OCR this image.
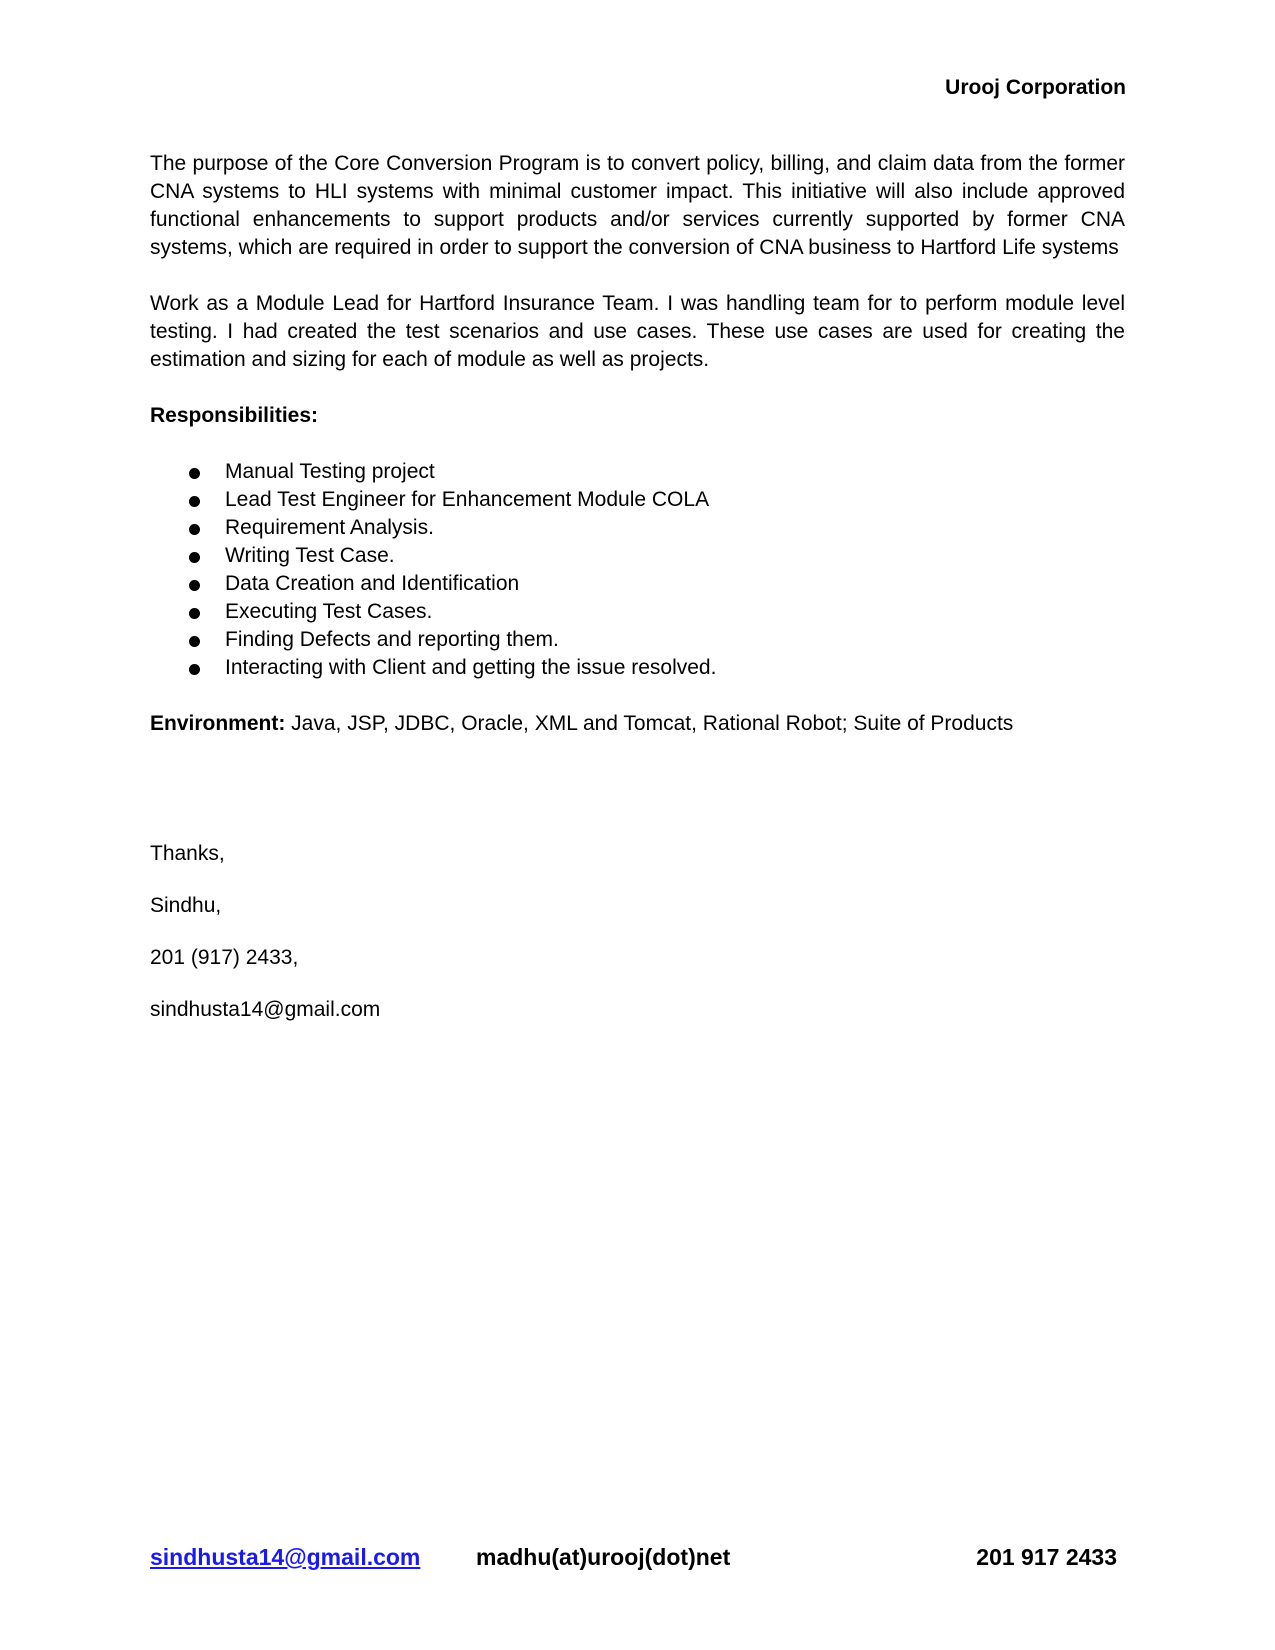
Urooj Corporation

The purpose of the Core Conversion Program is to convert policy, billing, and claim data from the former CNA systems to HLI systems with minimal customer impact. This initiative will also include approved functional enhancements to support products and/or services currently supported by former CNA systems, which are required in order to support the conversion of CNA business to Hartford Life systems

Work as a Module Lead for Hartford Insurance Team. I was handling team for to perform module level testing. I had created the test scenarios and use cases. These use cases are used for creating the estimation and sizing for each of module as well as projects.

Responsibilities:

Manual Testing project
Lead Test Engineer for Enhancement Module COLA
Requirement Analysis.
Writing Test Case.
Data Creation and Identification
Executing Test Cases.
Finding Defects and reporting them.
Interacting with Client and getting the issue resolved.

Environment: Java, JSP, JDBC, Oracle, XML and Tomcat, Rational Robot; Suite of Products

Thanks,
Sindhu,
201 (917) 2433,
sindhusta14@gmail.com
sindhusta14@gmail.com madhu(at)urooj(dot)net	201 917 2433
